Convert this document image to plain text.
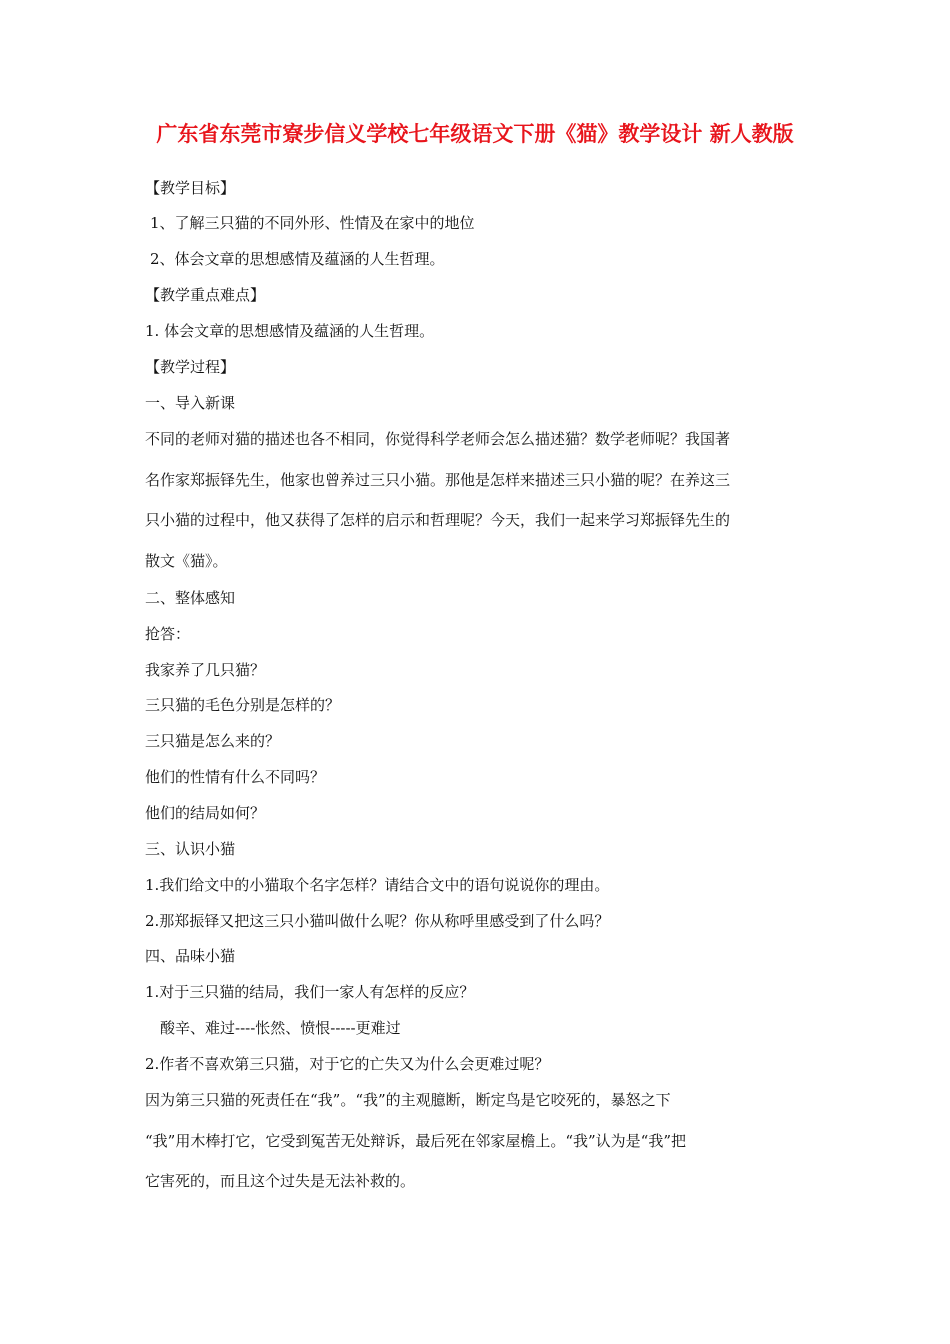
广东省东莞市寮步信义学校七年级语文下册《猫》教学设计 新人教版
【教学目标】
1、了解三只猫的不同外形、性情及在家中的地位
2、体会文章的思想感情及蕴涵的人生哲理。
【教学重点难点】
1. 体会文章的思想感情及蕴涵的人生哲理。
【教学过程】
一、导入新课
不同的老师对猫的描述也各不相同，你觉得科学老师会怎么描述猫？数学老师呢？我国著
名作家郑振铎先生，他家也曾养过三只小猫。那他是怎样来描述三只小猫的呢？在养这三
只小猫的过程中，他又获得了怎样的启示和哲理呢？今天，我们一起来学习郑振铎先生的
散文《猫》。
二、整体感知
抢答：
我家养了几只猫？
三只猫的毛色分别是怎样的？
三只猫是怎么来的？
他们的性情有什么不同吗？
他们的结局如何？
三、认识小猫
1.我们给文中的小猫取个名字怎样？请结合文中的语句说说你的理由。
2.那郑振铎又把这三只小猫叫做什么呢？你从称呼里感受到了什么吗？
四、品味小猫
1.对于三只猫的结局，我们一家人有怎样的反应？
酸辛、难过----怅然、愤恨-----更难过
2.作者不喜欢第三只猫，对于它的亡失又为什么会更难过呢？
因为第三只猫的死责任在“我”。“我”的主观臆断，断定鸟是它咬死的，暴怒之下
“我”用木棒打它，它受到冤苦无处辩诉，最后死在邻家屋檐上。“我”认为是“我”把
它害死的，而且这个过失是无法补救的。
